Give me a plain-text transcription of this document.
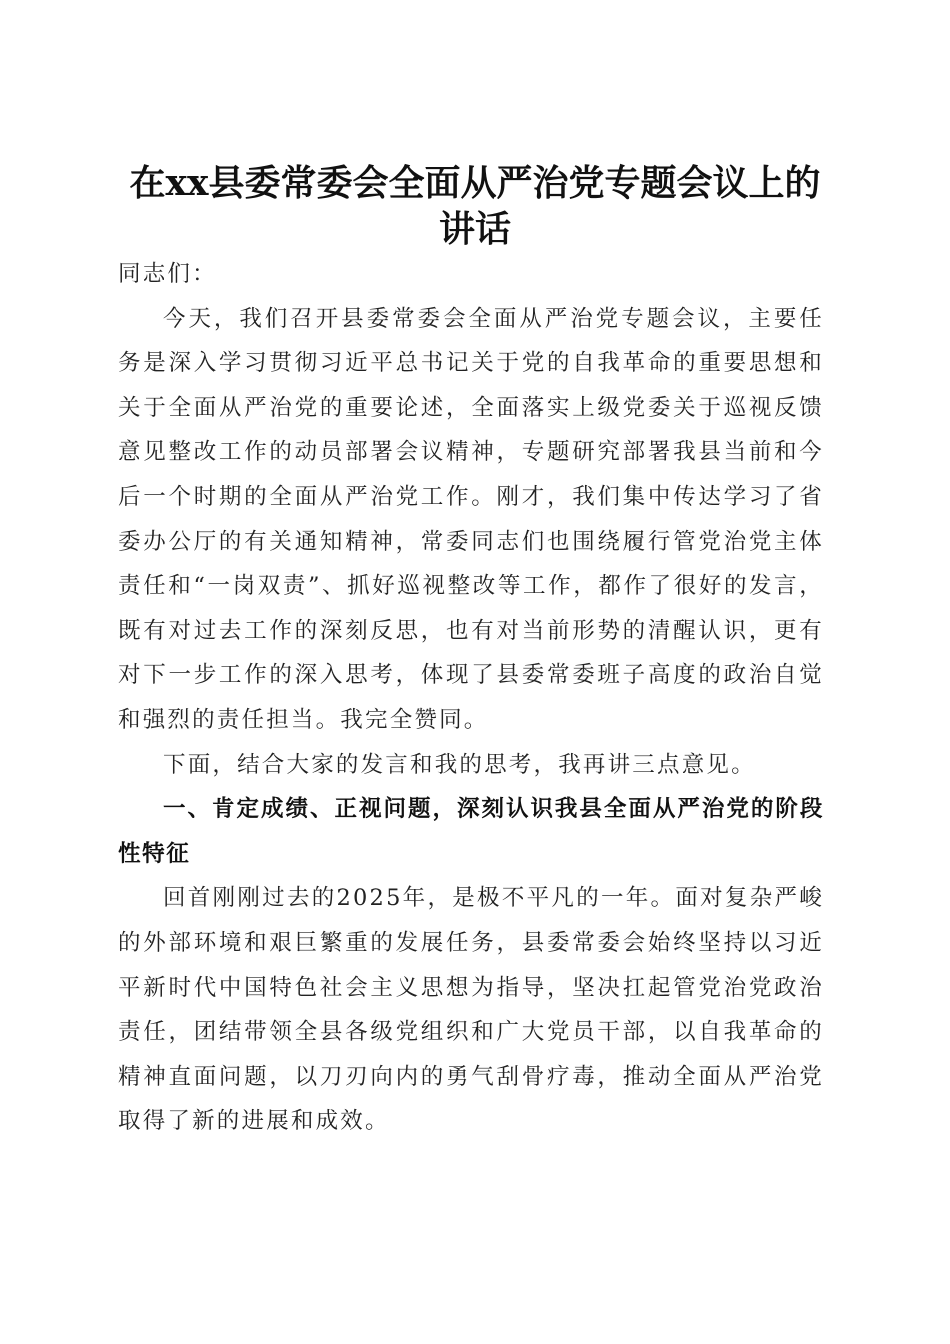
在xx县委常委会全面从严治党专题会议上的
讲话

同志们：

今天，我们召开县委常委会全面从严治党专题会议，主要任务是深入学习贯彻习近平总书记关于党的自我革命的重要思想和关于全面从严治党的重要论述，全面落实上级党委关于巡视反馈意见整改工作的动员部署会议精神，专题研究部署我县当前和今后一个时期的全面从严治党工作。刚才，我们集中传达学习了省委办公厅的有关通知精神，常委同志们也围绕履行管党治党主体责任和“一岗双责”、抓好巡视整改等工作，都作了很好的发言，既有对过去工作的深刻反思，也有对当前形势的清醒认识，更有对下一步工作的深入思考，体现了县委常委班子高度的政治自觉和强烈的责任担当。我完全赞同。

下面，结合大家的发言和我的思考，我再讲三点意见。

一、肯定成绩、正视问题，深刻认识我县全面从严治党的阶段性特征

回首刚刚过去的2025年，是极不平凡的一年。面对复杂严峻的外部环境和艰巨繁重的发展任务，县委常委会始终坚持以习近平新时代中国特色社会主义思想为指导，坚决扛起管党治党政治责任，团结带领全县各级党组织和广大党员干部，以自我革命的精神直面问题，以刀刃向内的勇气刮骨疗毒，推动全面从严治党取得了新的进展和成效。
